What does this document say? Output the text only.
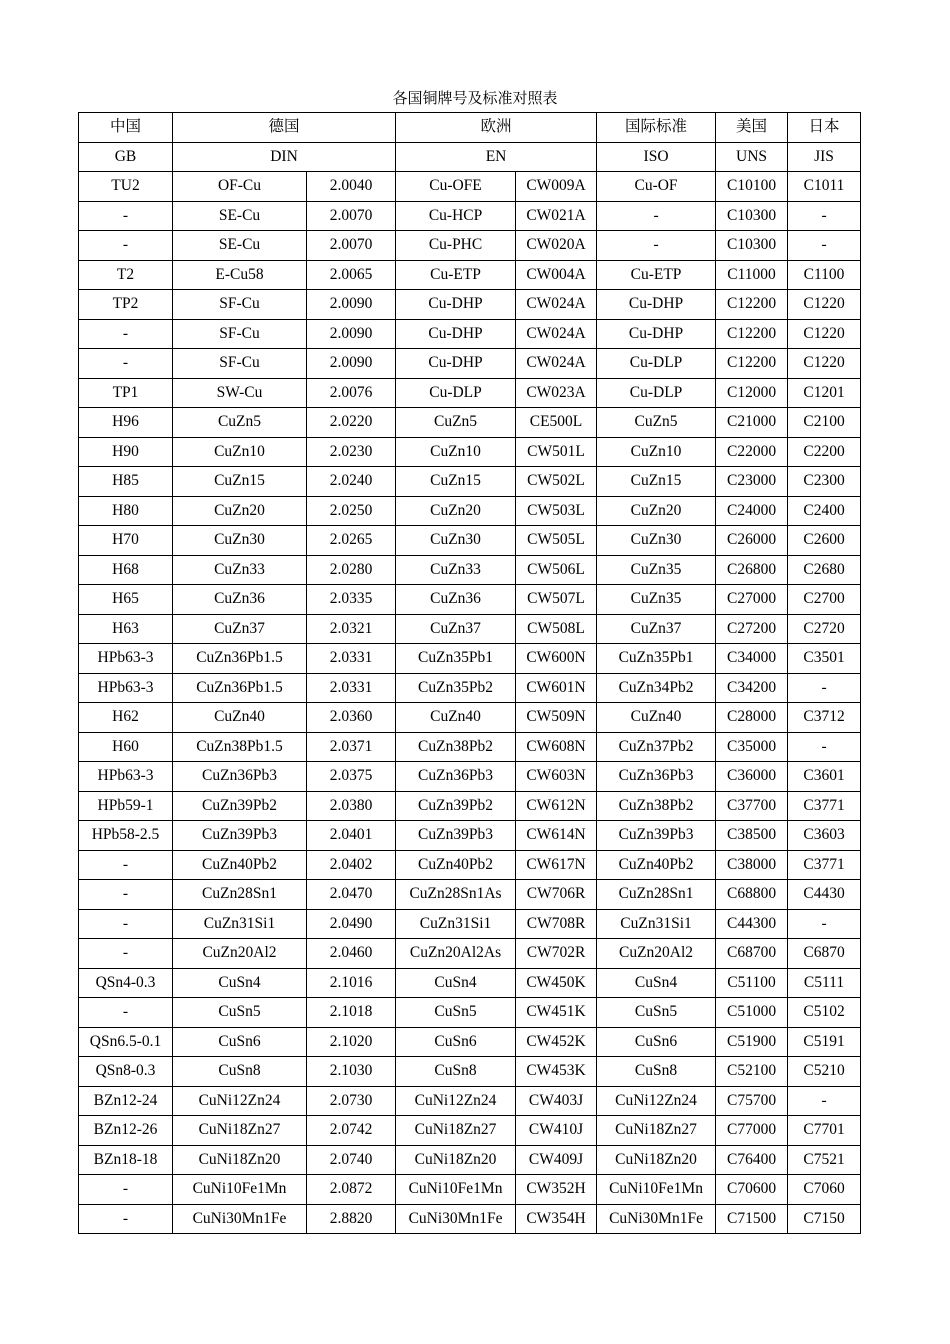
各国铜牌号及标准对照表
中国	德国		欧洲		国际标准	美国	日本
GB	DIN		EN		ISO	UNS	JIS
TU2	OF-Cu	2.0040	Cu-OFE	CW009A	Cu-OF	C10100	C1011
-	SE-Cu	2.0070	Cu-HCP	CW021A	-	C10300	-
-	SE-Cu	2.0070	Cu-PHC	CW020A	-	C10300	-
T2	E-Cu58	2.0065	Cu-ETP	CW004A	Cu-ETP	C11000	C1100
TP2	SF-Cu	2.0090	Cu-DHP	CW024A	Cu-DHP	C12200	C1220
-	SF-Cu	2.0090	Cu-DHP	CW024A	Cu-DHP	C12200	C1220
-	SF-Cu	2.0090	Cu-DHP	CW024A	Cu-DLP	C12200	C1220
TP1	SW-Cu	2.0076	Cu-DLP	CW023A	Cu-DLP	C12000	C1201
H96	CuZn5	2.0220	CuZn5	CE500L	CuZn5	C21000	C2100
H90	CuZn10	2.0230	CuZn10	CW501L	CuZn10	C22000	C2200
H85	CuZn15	2.0240	CuZn15	CW502L	CuZn15	C23000	C2300
H80	CuZn20	2.0250	CuZn20	CW503L	CuZn20	C24000	C2400
H70	CuZn30	2.0265	CuZn30	CW505L	CuZn30	C26000	C2600
H68	CuZn33	2.0280	CuZn33	CW506L	CuZn35	C26800	C2680
H65	CuZn36	2.0335	CuZn36	CW507L	CuZn35	C27000	C2700
H63	CuZn37	2.0321	CuZn37	CW508L	CuZn37	C27200	C2720
HPb63-3	CuZn36Pb1.5	2.0331	CuZn35Pb1	CW600N	CuZn35Pb1	C34000	C3501
HPb63-3	CuZn36Pb1.5	2.0331	CuZn35Pb2	CW601N	CuZn34Pb2	C34200	-
H62	CuZn40	2.0360	CuZn40	CW509N	CuZn40	C28000	C3712
H60	CuZn38Pb1.5	2.0371	CuZn38Pb2	CW608N	CuZn37Pb2	C35000	-
HPb63-3	CuZn36Pb3	2.0375	CuZn36Pb3	CW603N	CuZn36Pb3	C36000	C3601
HPb59-1	CuZn39Pb2	2.0380	CuZn39Pb2	CW612N	CuZn38Pb2	C37700	C3771
HPb58-2.5	CuZn39Pb3	2.0401	CuZn39Pb3	CW614N	CuZn39Pb3	C38500	C3603
-	CuZn40Pb2	2.0402	CuZn40Pb2	CW617N	CuZn40Pb2	C38000	C3771
-	CuZn28Sn1	2.0470	CuZn28Sn1As	CW706R	CuZn28Sn1	C68800	C4430
-	CuZn31Si1	2.0490	CuZn31Si1	CW708R	CuZn31Si1	C44300	-
-	CuZn20Al2	2.0460	CuZn20Al2As	CW702R	CuZn20Al2	C68700	C6870
QSn4-0.3	CuSn4	2.1016	CuSn4	CW450K	CuSn4	C51100	C5111
-	CuSn5	2.1018	CuSn5	CW451K	CuSn5	C51000	C5102
QSn6.5-0.1	CuSn6	2.1020	CuSn6	CW452K	CuSn6	C51900	C5191
QSn8-0.3	CuSn8	2.1030	CuSn8	CW453K	CuSn8	C52100	C5210
BZn12-24	CuNi12Zn24	2.0730	CuNi12Zn24	CW403J	CuNi12Zn24	C75700	-
BZn12-26	CuNi18Zn27	2.0742	CuNi18Zn27	CW410J	CuNi18Zn27	C77000	C7701
BZn18-18	CuNi18Zn20	2.0740	CuNi18Zn20	CW409J	CuNi18Zn20	C76400	C7521
-	CuNi10Fe1Mn	2.0872	CuNi10Fe1Mn	CW352H	CuNi10Fe1Mn	C70600	C7060
-	CuNi30Mn1Fe	2.8820	CuNi30Mn1Fe	CW354H	CuNi30Mn1Fe	C71500	C7150
